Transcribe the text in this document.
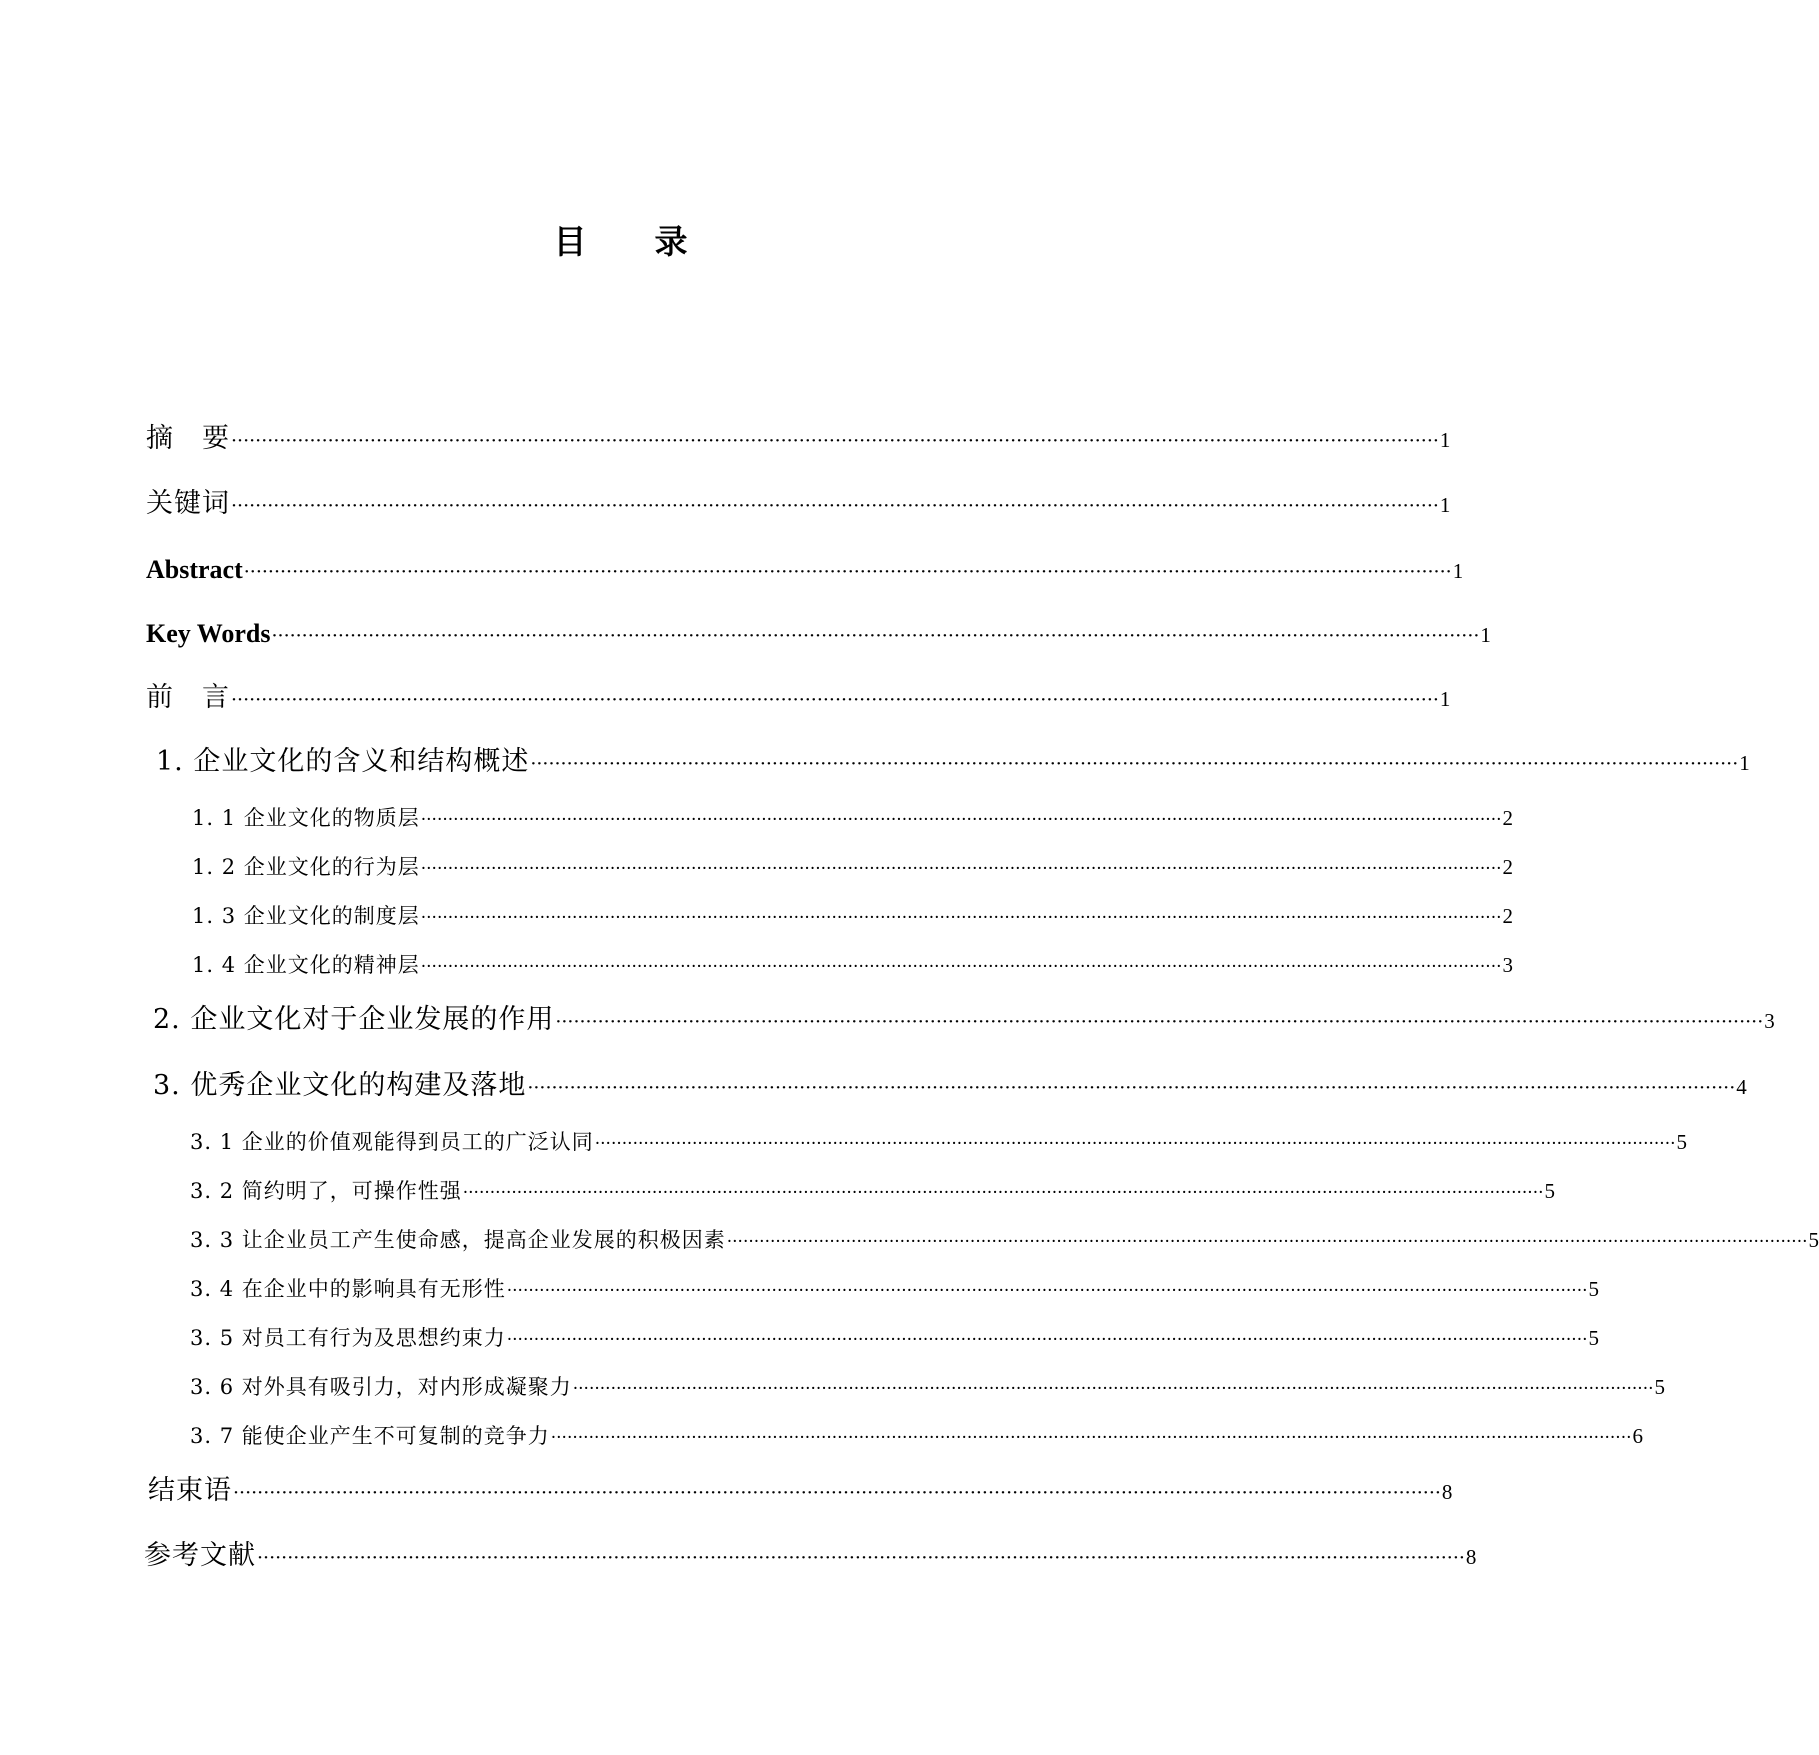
目 录
摘　要 ········································································································································································································ 1
关键词 ········································································································································································································ 1
Abstract ········································································································································································································ 1
Key Words ········································································································································································································ 1
前　言 ········································································································································································································ 1
1. 企业文化的含义和结构概述 ········································································································································································································ 1
1. 1 企业文化的物质层 ········································································································································································································ 2
1. 2 企业文化的行为层 ········································································································································································································ 2
1. 3 企业文化的制度层 ········································································································································································································ 2
1. 4 企业文化的精神层 ········································································································································································································ 3
2. 企业文化对于企业发展的作用 ········································································································································································································ 3
3. 优秀企业文化的构建及落地 ········································································································································································································ 4
3. 1 企业的价值观能得到员工的广泛认同 ········································································································································································································ 5
3. 2 简约明了，可操作性强 ········································································································································································································ 5
3. 3 让企业员工产生使命感，提高企业发展的积极因素 ········································································································································································································ 5
3. 4 在企业中的影响具有无形性 ········································································································································································································ 5
3. 5 对员工有行为及思想约束力 ········································································································································································································ 5
3. 6 对外具有吸引力，对内形成凝聚力 ········································································································································································································ 5
3. 7 能使企业产生不可复制的竞争力 ········································································································································································································ 6
结束语 ········································································································································································································ 8
参考文献 ········································································································································································································ 8
